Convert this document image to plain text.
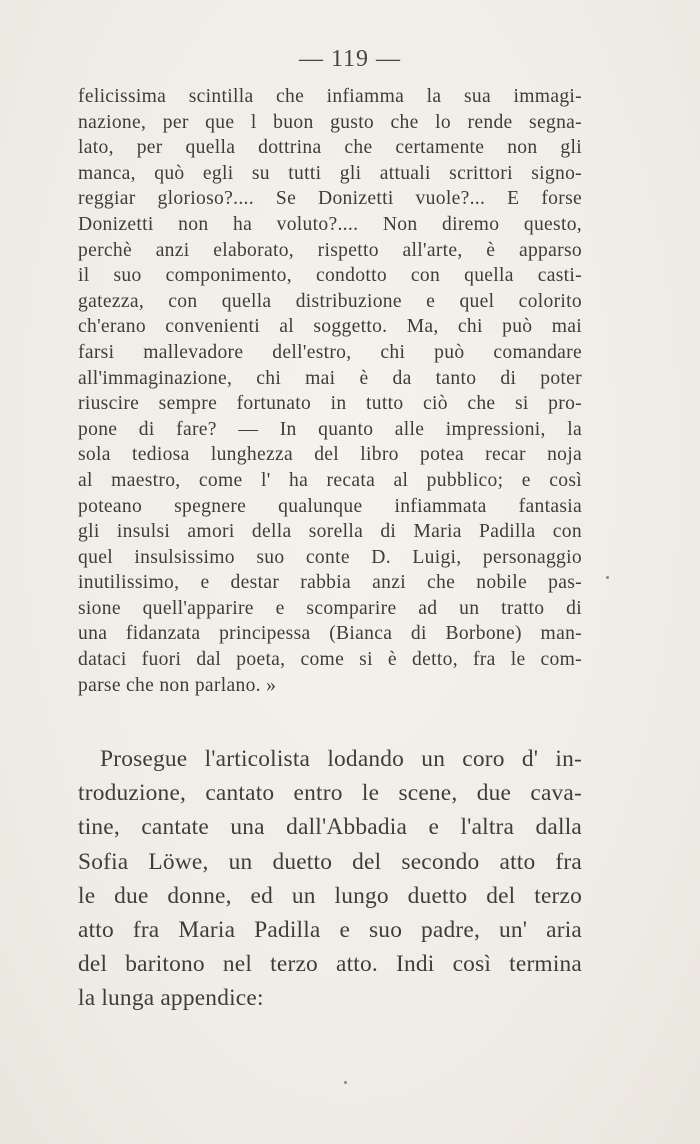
— 119 —
felicissima scintilla che infiamma la sua immagi-
nazione, per que l buon gusto che lo rende segna-
lato, per quella dottrina che certamente non gli
manca, quò egli su tutti gli attuali scrittori signo-
reggiar glorioso?.... Se Donizetti vuole?... E forse
Donizetti non ha voluto?.... Non diremo questo,
perchè anzi elaborato, rispetto all'arte, è apparso
il suo componimento, condotto con quella casti-
gatezza, con quella distribuzione e quel colorito
ch'erano convenienti al soggetto. Ma, chi può mai
farsi mallevadore dell'estro, chi può comandare
all'immaginazione, chi mai è da tanto di poter
riuscire sempre fortunato in tutto ciò che si pro-
pone di fare? — In quanto alle impressioni, la
sola tediosa lunghezza del libro potea recar noja
al maestro, come l' ha recata al pubblico; e così
poteano spegnere qualunque infiammata fantasia
gli insulsi amori della sorella di Maria Padilla con
quel insulsissimo suo conte D. Luigi, personaggio
inutilissimo, e destar rabbia anzi che nobile pas-
sione quell'apparire e scomparire ad un tratto di
una fidanzata principessa (Bianca di Borbone) man-
dataci fuori dal poeta, come si è detto, fra le com-
parse che non parlano. »
Prosegue l'articolista lodando un coro d' in-
troduzione, cantato entro le scene, due cava-
tine, cantate una dall'Abbadia e l'altra dalla
Sofia Löwe, un duetto del secondo atto fra
le due donne, ed un lungo duetto del terzo
atto fra Maria Padilla e suo padre, un' aria
del baritono nel terzo atto. Indi così termina
la lunga appendice:
